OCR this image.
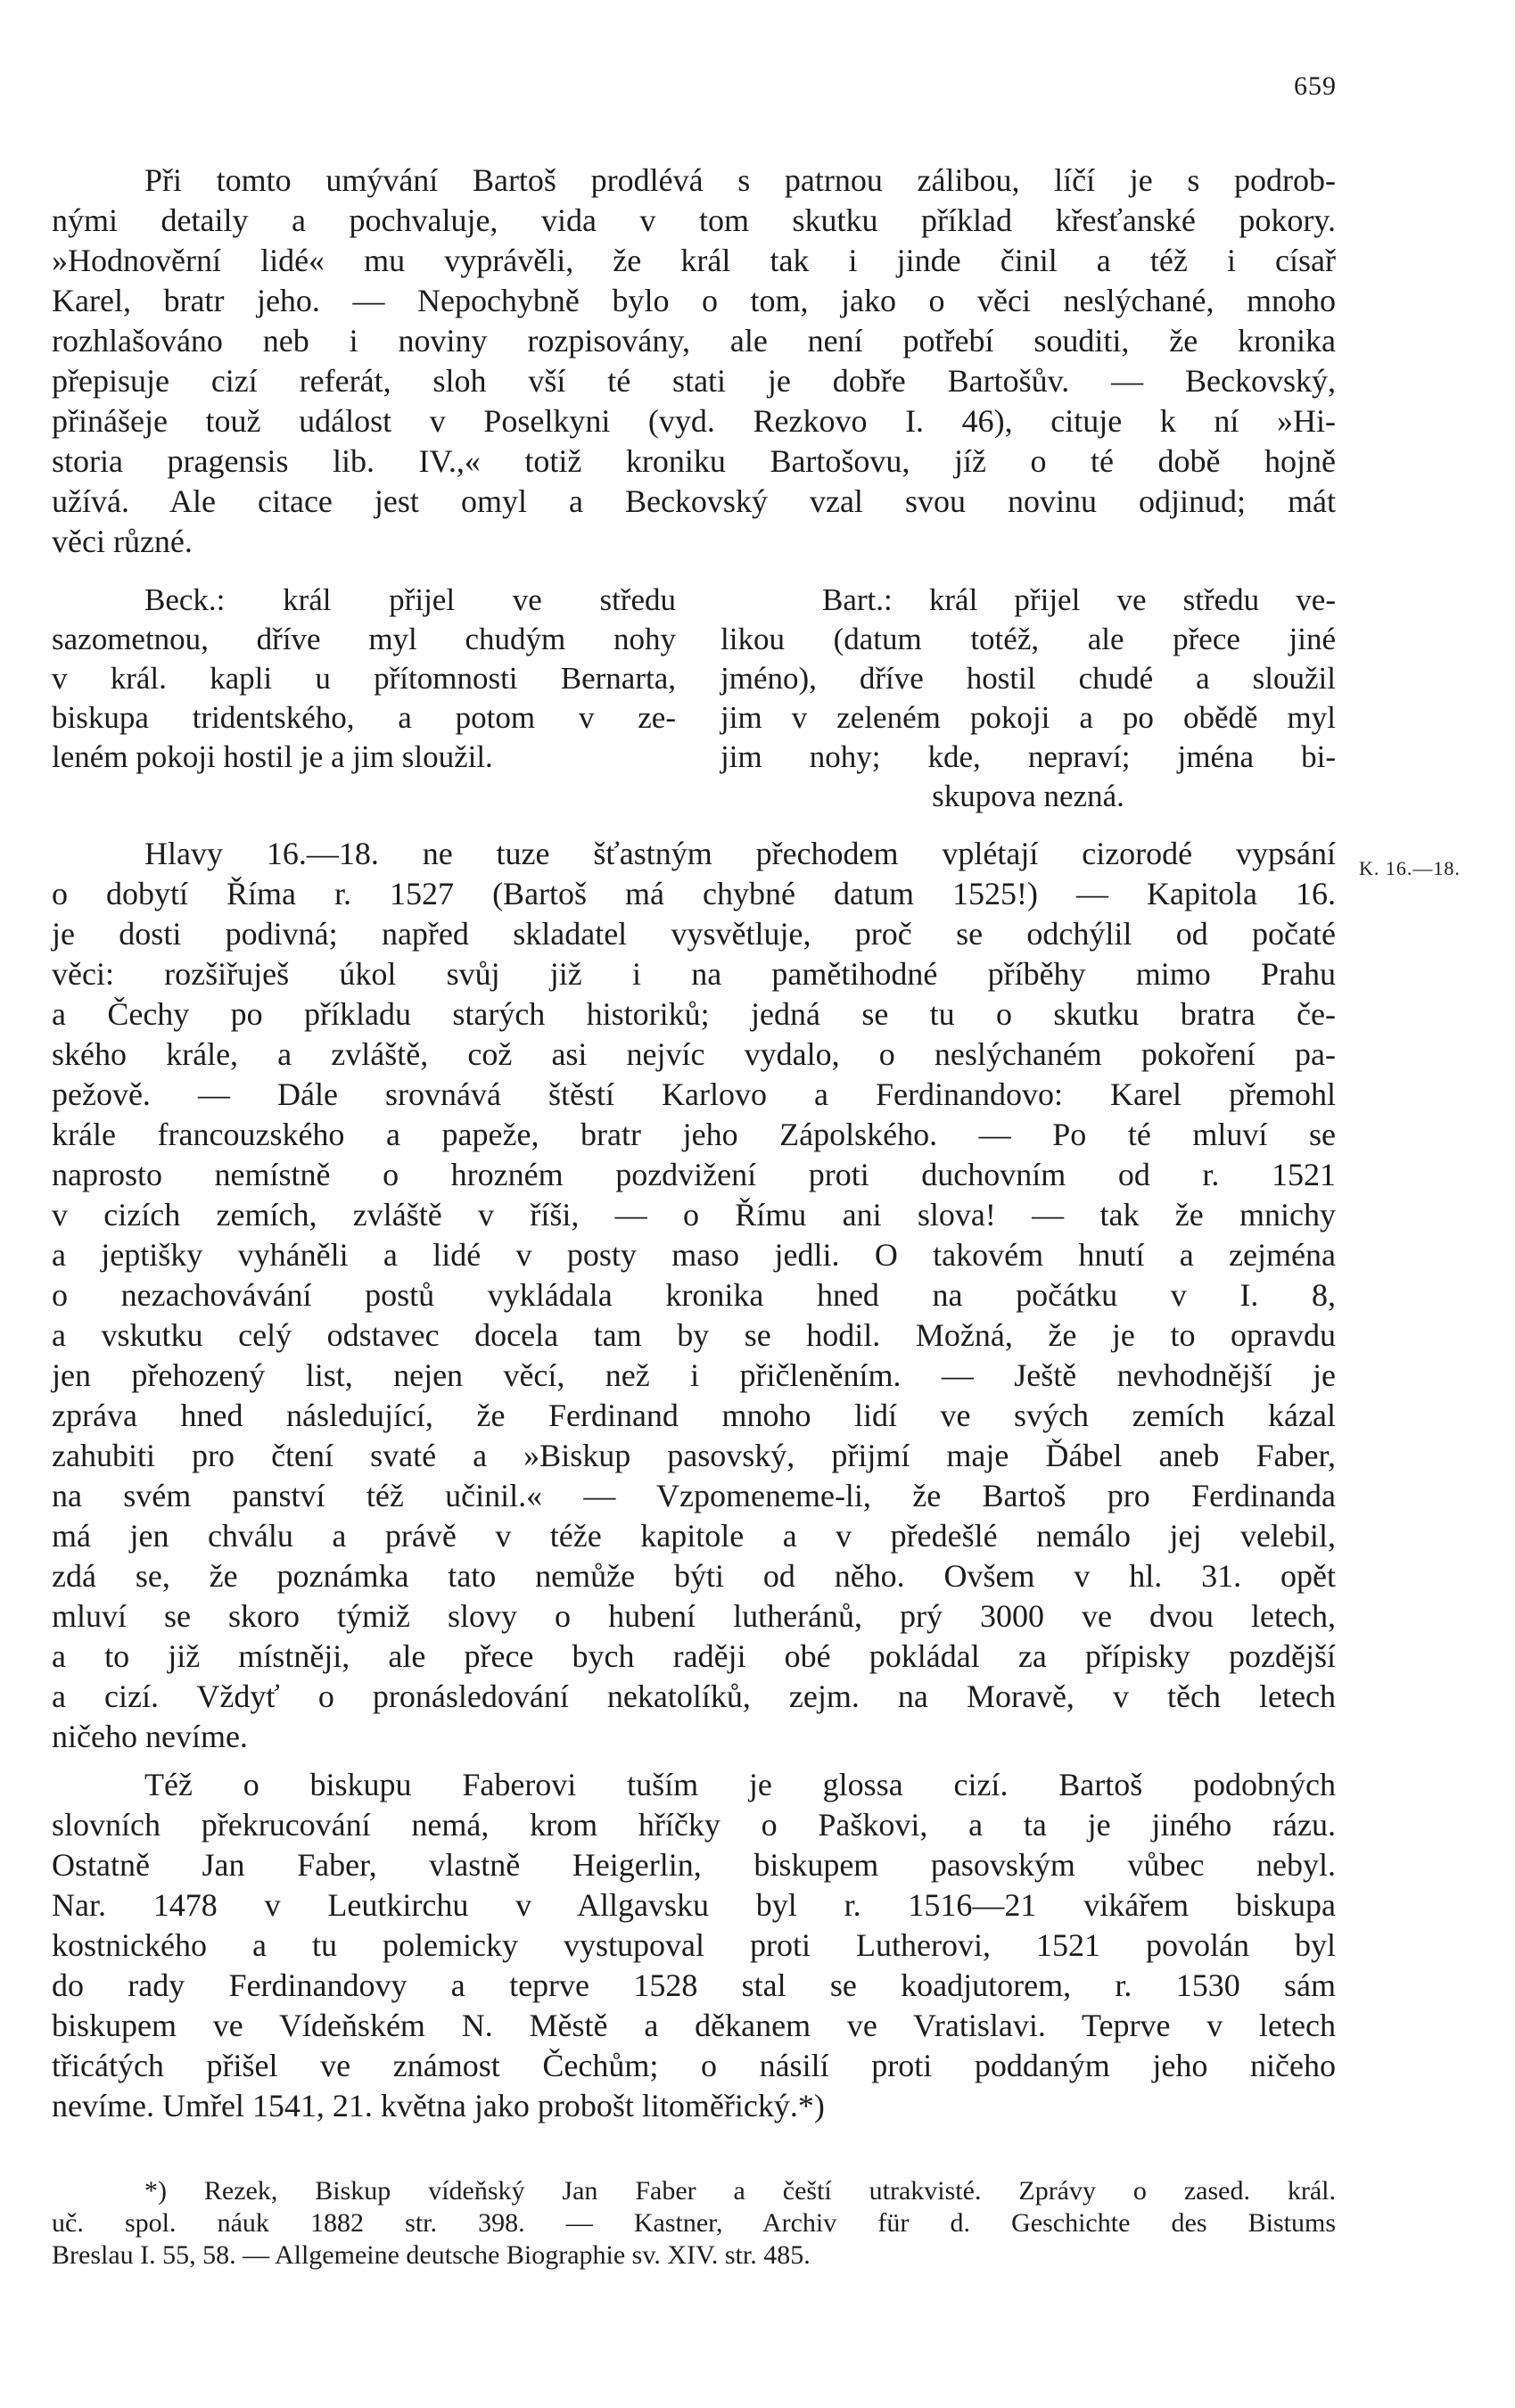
659
Při tomto umývání Bartoš prodlévá s patrnou zálibou, líčí je s podrob-
nými detaily a pochvaluje, vida v tom skutku příklad křesťanské pokory.
»Hodnověrní lidé« mu vyprávěli, že král tak i jinde činil a též i císař
Karel, bratr jeho. — Nepochybně bylo o tom, jako o věci neslýchané, mnoho
rozhlašováno neb i noviny rozpisovány, ale není potřebí souditi, že kronika
přepisuje cizí referát, sloh vší té stati je dobře Bartošův. — Beckovský,
přinášeje touž událost v Poselkyni (vyd. Rezkovo I. 46), cituje k ní »Hi-
storia pragensis lib. IV.,« totiž kroniku Bartošovu, jíž o té době hojně
užívá. Ale citace jest omyl a Beckovský vzal svou novinu odjinud; mát
věci různé.
Beck.: král přijel ve středu
sazometnou, dříve myl chudým nohy
v král. kapli u přítomnosti Bernarta,
biskupa tridentského, a potom v ze-
leném pokoji hostil je a jim sloužil.
Bart.: král přijel ve středu ve-
likou (datum totéž, ale přece jiné
jméno), dříve hostil chudé a sloužil
jim v zeleném pokoji a po obědě myl
jim nohy; kde, nepraví; jména bi-
skupova nezná.
Hlavy 16.—18. ne tuze šťastným přechodem vplétají cizorodé vypsání
o dobytí Říma r. 1527 (Bartoš má chybné datum 1525!) — Kapitola 16.
je dosti podivná; napřed skladatel vysvětluje, proč se odchýlil od počaté
věci: rozšiřuješ úkol svůj již i na pamětihodné příběhy mimo Prahu
a Čechy po příkladu starých historiků; jedná se tu o skutku bratra če-
ského krále, a zvláště, což asi nejvíc vydalo, o neslýchaném pokoření pa-
pežově. — Dále srovnává štěstí Karlovo a Ferdinandovo: Karel přemohl
krále francouzského a papeže, bratr jeho Zápolského. — Po té mluví se
naprosto nemístně o hrozném pozdvižení proti duchovním od r. 1521
v cizích zemích, zvláště v říši, — o Římu ani slova! — tak že mnichy
a jeptišky vyháněli a lidé v posty maso jedli. O takovém hnutí a zejména
o nezachovávání postů vykládala kronika hned na počátku v I. 8,
a vskutku celý odstavec docela tam by se hodil. Možná, že je to opravdu
jen přehozený list, nejen věcí, než i přičleněním. — Ještě nevhodnější je
zpráva hned následující, že Ferdinand mnoho lidí ve svých zemích kázal
zahubiti pro čtení svaté a »Biskup pasovský, přijmí maje Ďábel aneb Faber,
na svém panství též učinil.« — Vzpomeneme-li, že Bartoš pro Ferdinanda
má jen chválu a právě v téže kapitole a v předešlé nemálo jej velebil,
zdá se, že poznámka tato nemůže býti od něho. Ovšem v hl. 31. opět
mluví se skoro týmiž slovy o hubení lutheránů, prý 3000 ve dvou letech,
a to již místněji, ale přece bych raději obé pokládal za přípisky pozdější
a cizí. Vždyť o pronásledování nekatolíků, zejm. na Moravě, v těch letech
ničeho nevíme.
K. 16.—18.
Též o biskupu Faberovi tuším je glossa cizí. Bartoš podobných
slovních překrucování nemá, krom hříčky o Paškovi, a ta je jiného rázu.
Ostatně Jan Faber, vlastně Heigerlin, biskupem pasovským vůbec nebyl.
Nar. 1478 v Leutkirchu v Allgavsku byl r. 1516—21 vikářem biskupa
kostnického a tu polemicky vystupoval proti Lutherovi, 1521 povolán byl
do rady Ferdinandovy a teprve 1528 stal se koadjutorem, r. 1530 sám
biskupem ve Vídeňském N. Městě a děkanem ve Vratislavi. Teprve v letech
třicátých přišel ve známost Čechům; o násilí proti poddaným jeho ničeho
nevíme. Umřel 1541, 21. května jako probošt litoměřický.*)
*) Rezek, Biskup vídeňský Jan Faber a čeští utrakvisté. Zprávy o zased. král.
uč. spol. náuk 1882 str. 398. — Kastner, Archiv für d. Geschichte des Bistums
Breslau I. 55, 58. — Allgemeine deutsche Biographie sv. XIV. str. 485.
